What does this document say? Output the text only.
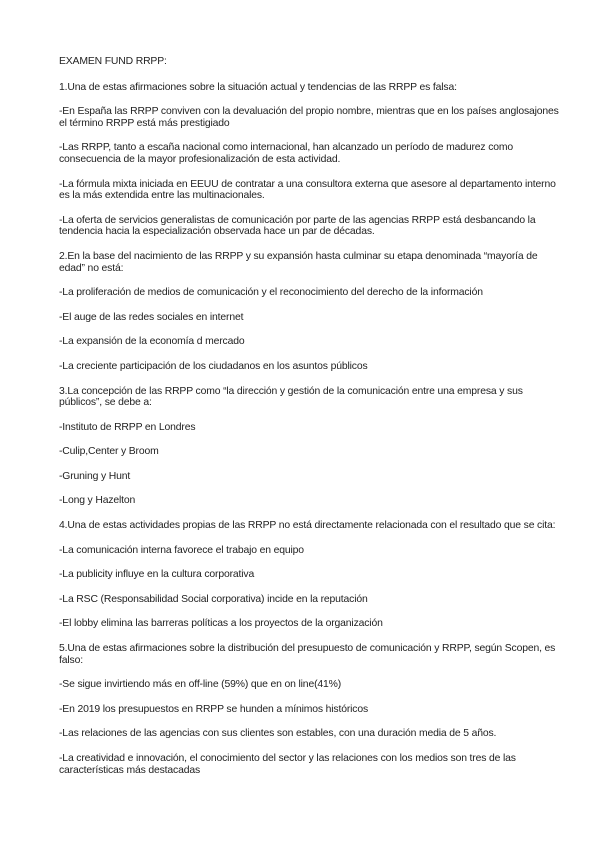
EXAMEN FUND RRPP:

1.Una de estas afirmaciones sobre la situación actual y tendencias de las RRPP es falsa:

-En España las RRPP conviven con la devaluación del propio nombre, mientras que en los países anglosajones el término RRPP está más prestigiado

-Las RRPP, tanto a escaña nacional como internacional, han alcanzado un período de madurez como consecuencia de la mayor profesionalización de esta actividad.

-La fórmula mixta iniciada en EEUU de contratar a una consultora externa que asesore al departamento interno es la más extendida entre las multinacionales.

-La oferta de servicios generalistas de comunicación por parte de las agencias RRPP está desbancando la tendencia hacia la especialización observada hace un par de décadas.

2.En la base del nacimiento de las RRPP y su expansión hasta culminar su etapa denominada “mayoría de edad” no está:

-La proliferación de medios de comunicación y el reconocimiento del derecho de la información

-El auge de las redes sociales en internet

-La expansión de la economía d mercado

-La creciente participación de los ciudadanos en los asuntos públicos

3.La concepción de las RRPP como “la dirección y gestión de la comunicación entre una empresa y sus públicos”, se debe a:

-Instituto de RRPP en Londres

-Culip,Center y Broom

-Gruning y Hunt

-Long y Hazelton

4.Una de estas actividades propias de las RRPP no está directamente relacionada con el resultado que se cita:

-La comunicación interna favorece el trabajo en equipo

-La publicity influye en la cultura corporativa

-La RSC (Responsabilidad Social corporativa) incide en la reputación

-El lobby elimina las barreras políticas a los proyectos de la organización

5.Una de estas afirmaciones sobre la distribución del presupuesto de comunicación y RRPP, según Scopen, es falso:

-Se sigue invirtiendo más en off-line (59%) que en on line(41%)

-En 2019 los presupuestos en RRPP se hunden a mínimos históricos

-Las relaciones de las agencias con sus clientes son estables, con una duración media de 5 años.

-La creatividad e innovación, el conocimiento del sector y las relaciones con los medios son tres de las características más destacadas
